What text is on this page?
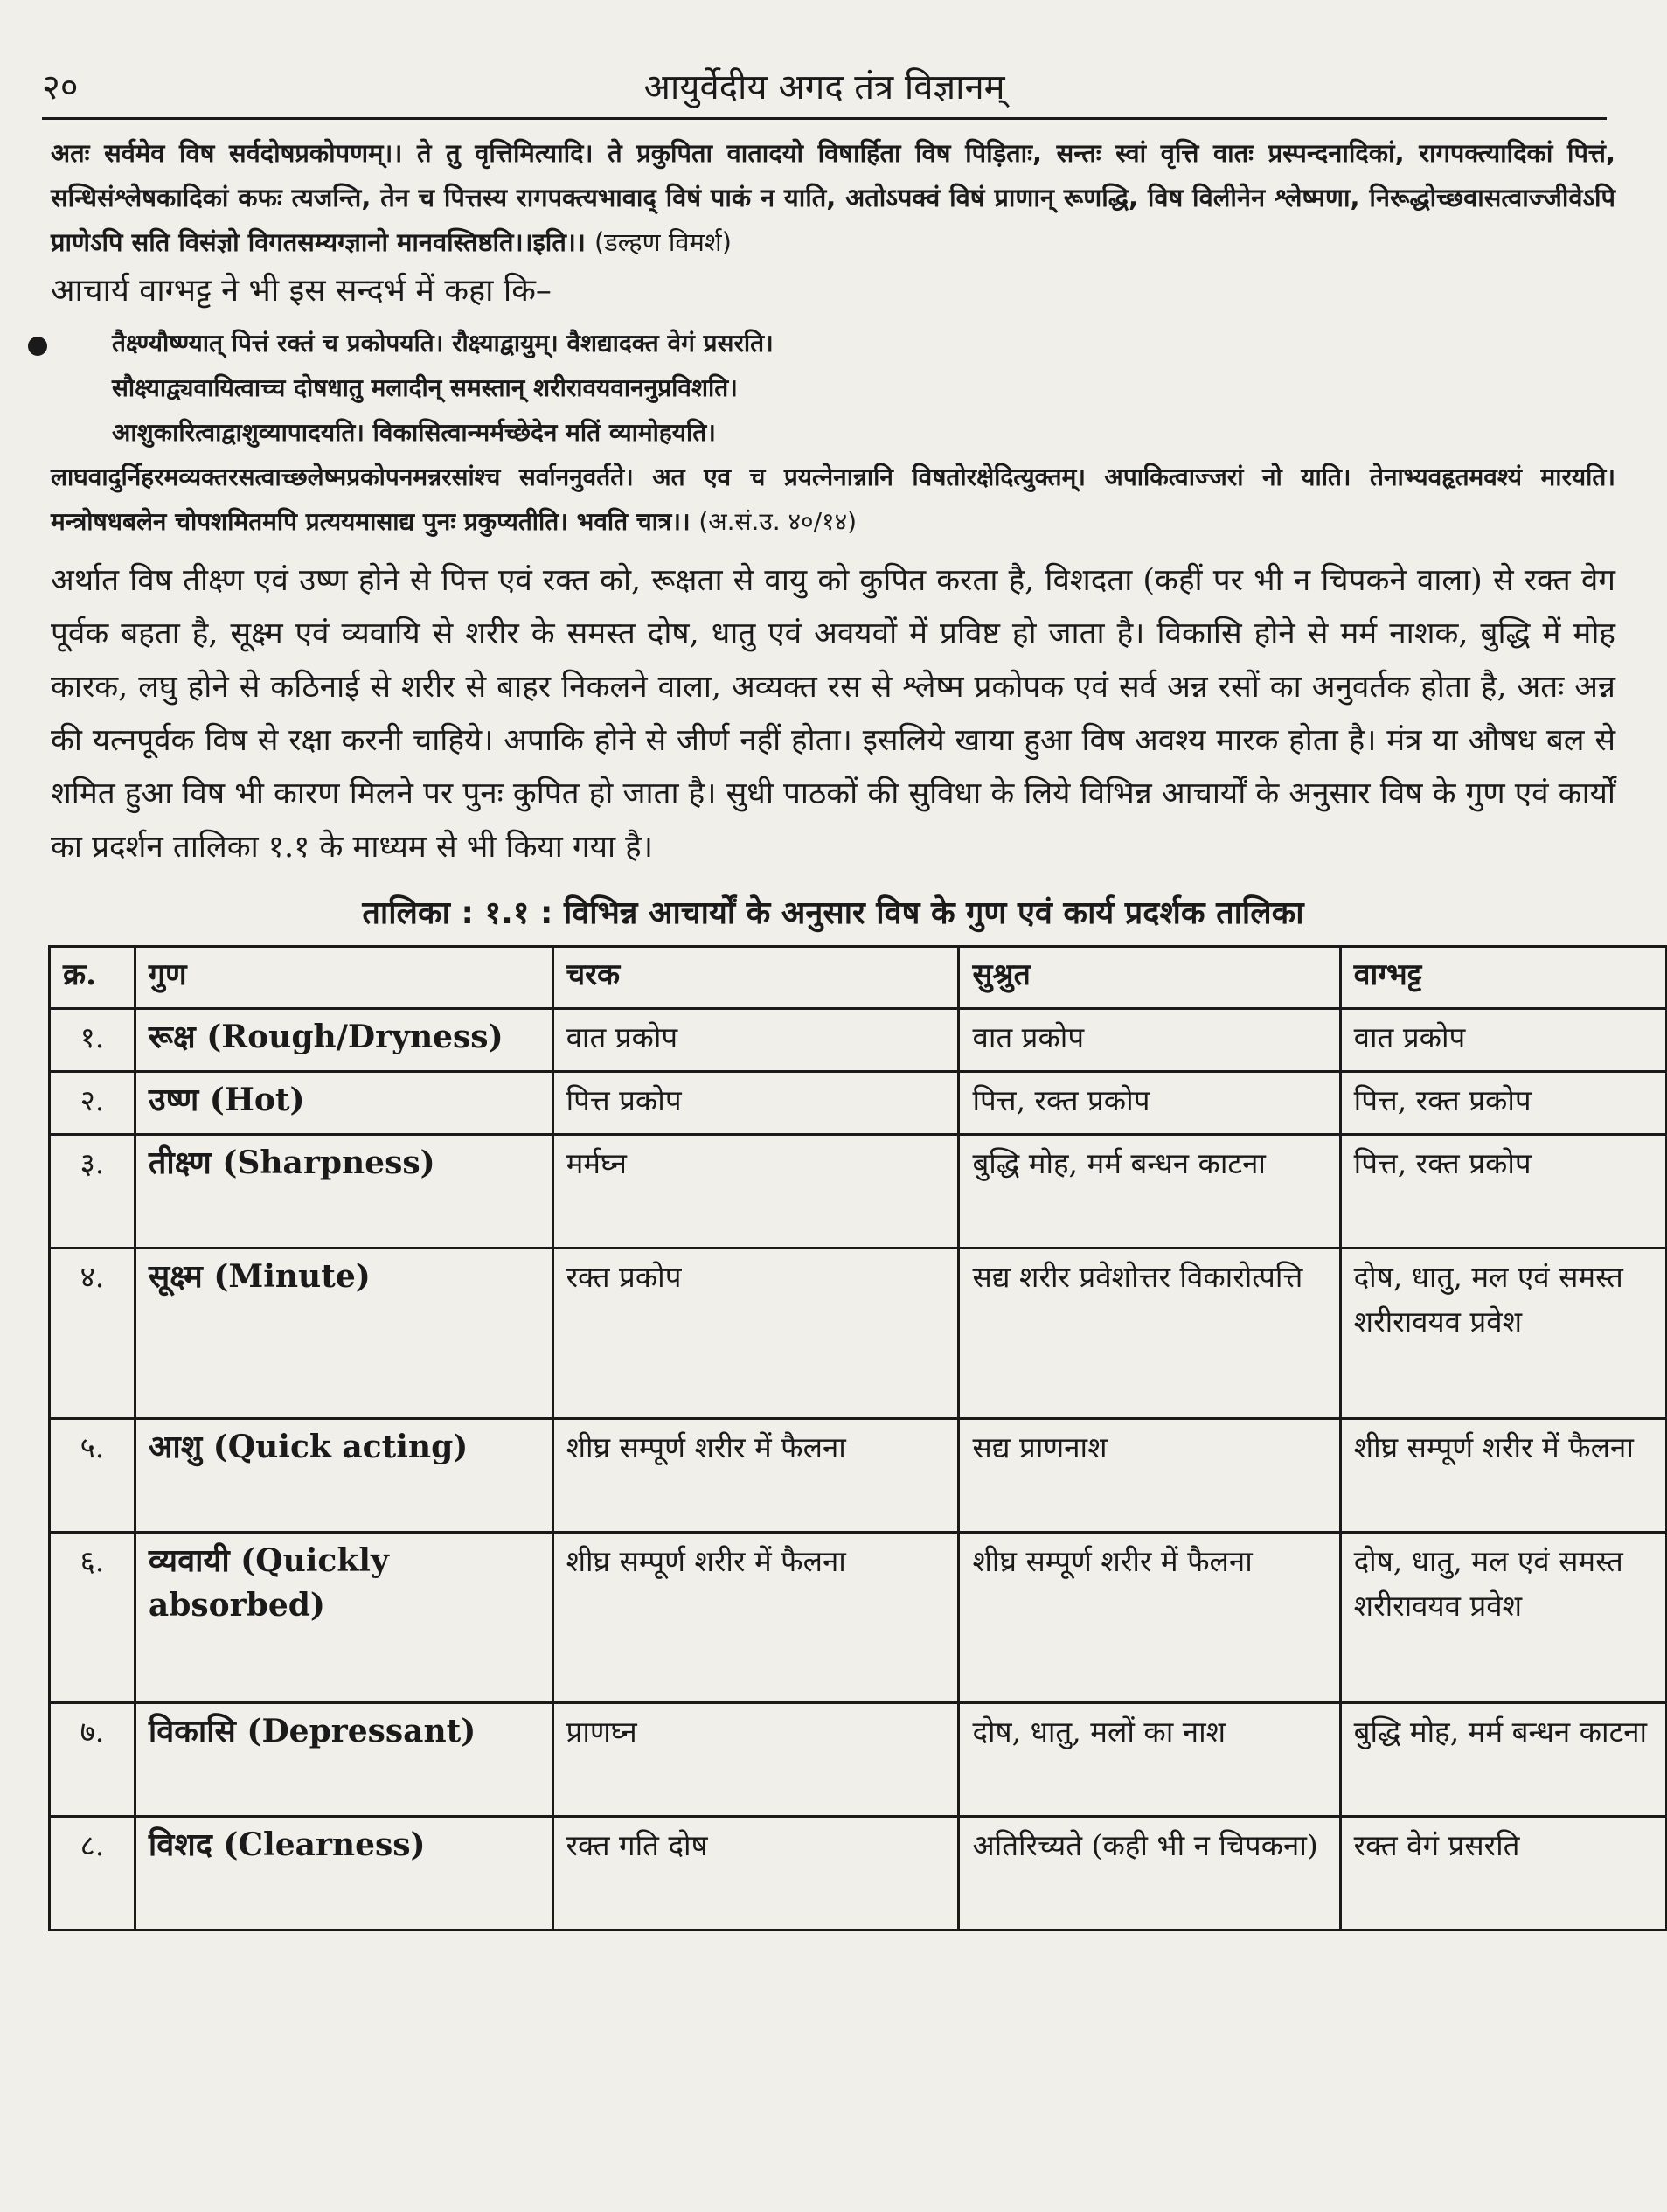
२०	आयुर्वेदीय अगद तंत्र विज्ञानम्

अतः सर्वमेव विष सर्वदोषप्रकोपणम्।। ते तु वृत्तिमित्यादि। ते प्रकुपिता वातादयो विषार्हिता विष पिड़िताः, सन्तः स्वां वृत्ति वातः प्रस्पन्दनादिकां, रागपक्त्यादिकां पित्तं, सन्धिसंश्लेषकादिकां कफः त्यजन्ति, तेन च पित्तस्य रागपक्त्यभावाद् विषं पाकं न याति, अतोऽपक्वं विषं प्राणान् रूणद्धि, विष विलीनेन श्लेष्मणा, निरूद्धोच्छवासत्वाज्जीवेऽपि प्राणेऽपि सति विसंज्ञो विगतसम्यग्ज्ञानो मानवस्तिष्ठति।।इति।। (डल्हण विमर्श)

आचार्य वाग्भट्ट ने भी इस सन्दर्भ में कहा कि–

तैक्ष्ण्यौष्ण्यात् पित्तं रक्तं च प्रकोपयति। रौक्ष्याद्वायुम्। वैशद्यादक्त वेगं प्रसरति।
सौक्ष्याद्व्यवायित्वाच्च दोषधातु मलादीन् समस्तान् शरीरावयवाननुप्रविशति।
आशुकारित्वाद्वाशुव्यापादयति। विकासित्वान्मर्मच्छेदेन मतिं व्यामोहयति।

लाघवादुर्निहरमव्यक्तरसत्वाच्छलेष्मप्रकोपनमन्नरसांश्च सर्वाननुवर्तते। अत एव च प्रयत्नेनान्नानि विषतोरक्षेदित्युक्तम्। अपाकित्वाज्जरां नो याति। तेनाभ्यवहृतमवश्यं मारयति। मन्त्रोषधबलेन चोपशमितमपि प्रत्ययमासाद्य पुनः प्रकुप्यतीति। भवति चात्र।। (अ.सं.उ. ४०/१४)

अर्थात विष तीक्ष्ण एवं उष्ण होने से पित्त एवं रक्त को, रूक्षता से वायु को कुपित करता है, विशदता (कहीं पर भी न चिपकने वाला) से रक्त वेग पूर्वक बहता है, सूक्ष्म एवं व्यवायि से शरीर के समस्त दोष, धातु एवं अवयवों में प्रविष्ट हो जाता है। विकासि होने से मर्म नाशक, बुद्धि में मोह कारक, लघु होने से कठिनाई से शरीर से बाहर निकलने वाला, अव्यक्त रस से श्लेष्म प्रकोपक एवं सर्व अन्न रसों का अनुवर्तक होता है, अतः अन्न की यत्नपूर्वक विष से रक्षा करनी चाहिये। अपाकि होने से जीर्ण नहीं होता। इसलिये खाया हुआ विष अवश्य मारक होता है। मंत्र या औषध बल से शमित हुआ विष भी कारण मिलने पर पुनः कुपित हो जाता है। सुधी पाठकों की सुविधा के लिये विभिन्न आचार्यों के अनुसार विष के गुण एवं कार्यों का प्रदर्शन तालिका १.१ के माध्यम से भी किया गया है।

तालिका : १.१ : विभिन्न आचार्यों के अनुसार विष के गुण एवं कार्य प्रदर्शक तालिका
क्र.	गुण	चरक	सुश्रुत	वाग्भट्ट
१.	रूक्ष (Rough/Dryness)	वात प्रकोप	वात प्रकोप	वात प्रकोप
२.	उष्ण (Hot)	पित्त प्रकोप	पित्त, रक्त प्रकोप	पित्त, रक्त प्रकोप
३.	तीक्ष्ण (Sharpness)	मर्मघ्न	बुद्धि मोह, मर्म बन्धन काटना	पित्त, रक्त प्रकोप
४.	सूक्ष्म (Minute)	रक्त प्रकोप	सद्य शरीर प्रवेशोत्तर विकारोत्पत्ति	दोष, धातु, मल एवं समस्त शरीरावयव प्रवेश
५.	आशु (Quick acting)	शीघ्र सम्पूर्ण शरीर में फैलना	सद्य प्राणनाश	शीघ्र सम्पूर्ण शरीर में फैलना
६.	व्यवायी (Quickly absorbed)	शीघ्र सम्पूर्ण शरीर में फैलना	शीघ्र सम्पूर्ण शरीर में फैलना	दोष, धातु, मल एवं समस्त शरीरावयव प्रवेश
७.	विकासि (Depressant)	प्राणघ्न	दोष, धातु, मलों का नाश	बुद्धि मोह, मर्म बन्धन काटना
८.	विशद (Clearness)	रक्त गति दोष	अतिरिच्यते (कही भी न चिपकना)	रक्त वेगं प्रसरति
